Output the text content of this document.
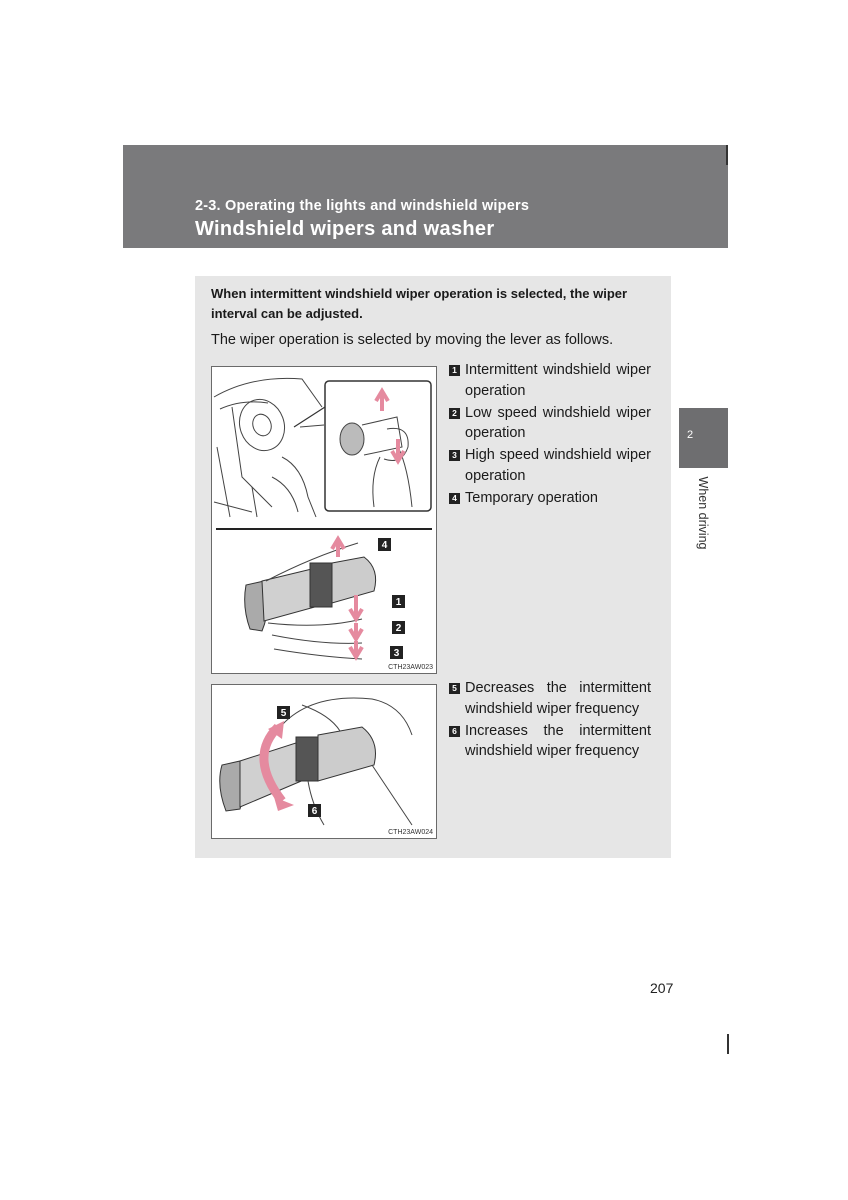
2-3. Operating the lights and windshield wipers
Windshield wipers and washer
When intermittent windshield wiper operation is selected, the wiper interval can be adjusted.
The wiper operation is selected by moving the lever as follows.
4
1
2
3
CTH23AW023
5
6
CTH23AW024
1 Intermittent windshield wiper operation
2 Low speed windshield wiper operation
3 High speed windshield wiper operation
4 Temporary operation
5 Decreases the intermittent windshield wiper frequency
6 Increases the intermittent windshield wiper frequency
2
When driving
207
